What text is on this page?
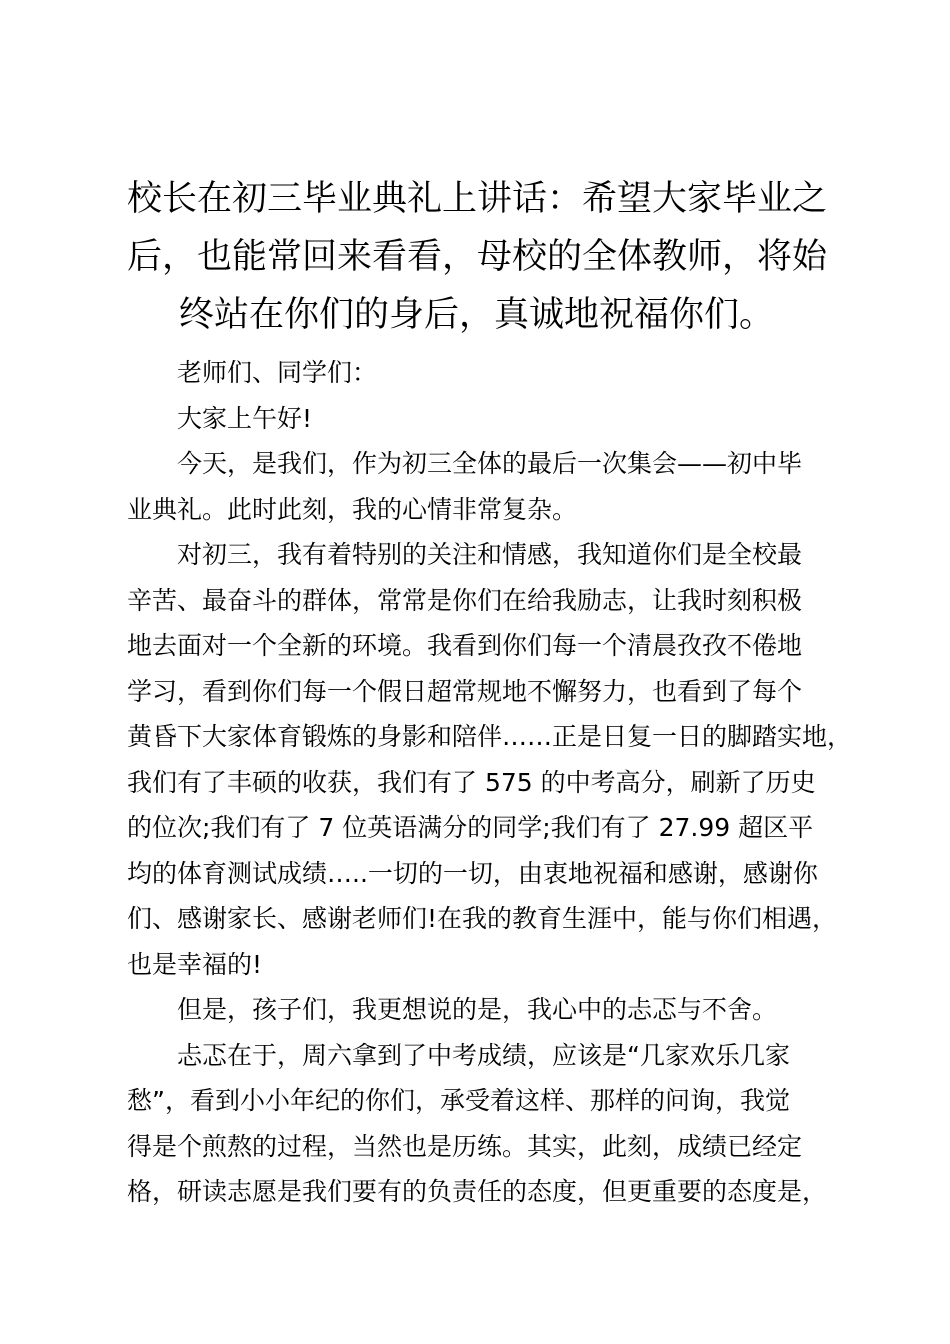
校长在初三毕业典礼上讲话：希望大家毕业之
后，也能常回来看看，母校的全体教师，将始
终站在你们的身后，真诚地祝福你们。

老师们、同学们：

大家上午好!

今天，是我们，作为初三全体的最后一次集会——初中毕
业典礼。此时此刻，我的心情非常复杂。

对初三，我有着特别的关注和情感，我知道你们是全校最
辛苦、最奋斗的群体，常常是你们在给我励志，让我时刻积极
地去面对一个全新的环境。我看到你们每一个清晨孜孜不倦地
学习，看到你们每一个假日超常规地不懈努力，也看到了每个
黄昏下大家体育锻炼的身影和陪伴……正是日复一日的脚踏实地，
我们有了丰硕的收获，我们有了 575 的中考高分，刷新了历史
的位次;我们有了 7 位英语满分的同学;我们有了 27.99 超区平
均的体育测试成绩…..一切的一切，由衷地祝福和感谢，感谢你
们、感谢家长、感谢老师们!在我的教育生涯中，能与你们相遇，
也是幸福的!

但是，孩子们，我更想说的是，我心中的忐忑与不舍。

忐忑在于，周六拿到了中考成绩，应该是“几家欢乐几家
愁”，看到小小年纪的你们，承受着这样、那样的问询，我觉
得是个煎熬的过程，当然也是历练。其实，此刻，成绩已经定
格，研读志愿是我们要有的负责任的态度，但更重要的态度是，
